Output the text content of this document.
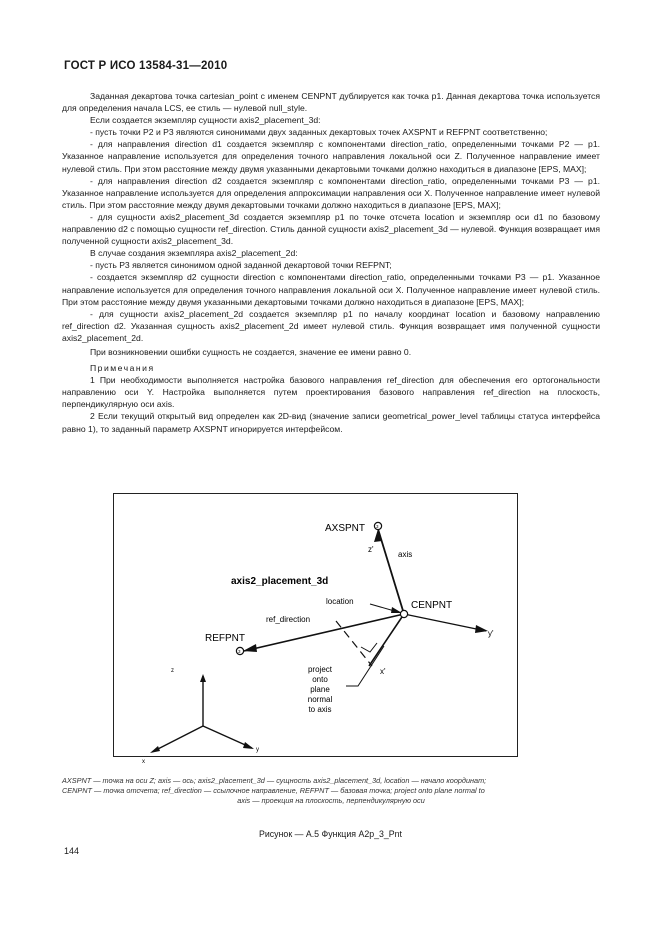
ГОСТ Р ИСО 13584-31—2010

Заданная декартова точка cartesian_point с именем CENPNT дублируется как точка p1. Данная декартова точка используется для определения начала LCS, ее стиль — нулевой null_style.

Если создается экземпляр сущности axis2_placement_3d:

- пусть точки P2 и P3 являются синонимами двух заданных декартовых точек AXSPNT и REFPNT соответственно;

- для направления direction d1 создается экземпляр с компонентами direction_ratio, определенными точками P2 — p1. Указанное направление используется для определения точного направления локальной оси Z. Полученное направление имеет нулевой стиль. При этом расстояние между двумя указанными декартовыми точками должно находиться в диапазоне [EPS, MAX];

- для направления direction d2 создается экземпляр с компонентами direction_ratio, определенными точками P3 — p1. Указанное направление используется для определения аппроксимации направления оси X. Полученное направление имеет нулевой стиль. При этом расстояние между двумя декартовыми точками должно находиться в диапазоне [EPS, MAX];

- для сущности axis2_placement_3d создается экземпляр p1 по точке отсчета location и экземпляр оси d1 по базовому направлению d2 с помощью сущности ref_direction. Стиль данной сущности axis2_placement_3d — нулевой. Функция возвращает имя полученной сущности axis2_placement_3d.

В случае создания экземпляра axis2_placement_2d:

- пусть P3 является синонимом одной заданной декартовой точки REFPNT;

- создается экземпляр d2 сущности direction с компонентами direction_ratio, определенными точками P3 — p1. Указанное направление используется для определения точного направления локальной оси X. Полученное направление имеет нулевой стиль. При этом расстояние между двумя указанными декартовыми точками должно находиться в диапазоне [EPS, MAX];

- для сущности axis2_placement_2d создается экземпляр p1 по началу координат location и базовому направлению ref_direction d2. Указанная сущность axis2_placement_2d имеет нулевой стиль. Функция возвращает имя полученной сущности axis2_placement_2d.

При возникновении ошибки сущность не создается, значение ее имени равно 0.

Примечания

1 При необходимости выполняется настройка базового направления ref_direction для обеспечения его ортогональности направлению оси Y. Настройка выполняется путем проектирования базового направления ref_direction на плоскость, перпендикулярную оси axis.

2 Если текущий открытый вид определен как 2D-вид (значение записи geometrical_power_level таблицы статуса интерфейса равно 1), то заданный параметр AXSPNT игнорируется интерфейсом.

3
3
AXSPNT
z'
axis
axis2_placement_3d
location	CENPNT
ref_direction
REFPNT	y'
x'
project
onto
plane
normal
to axis
z
x
y
AXSPNT — точка на оси Z; axis — ось; axis2_placement_3d — сущность axis2_placement_3d, location — начало координат;
CENPNT — точка отсчета; ref_direction — ссылочное направление, REFPNT — базовая точка; project onto plane normal to
axis — проекция на плоскость, перпендикулярную оси
Рисунок — А.5 Функция A2p_3_Pnt
144
